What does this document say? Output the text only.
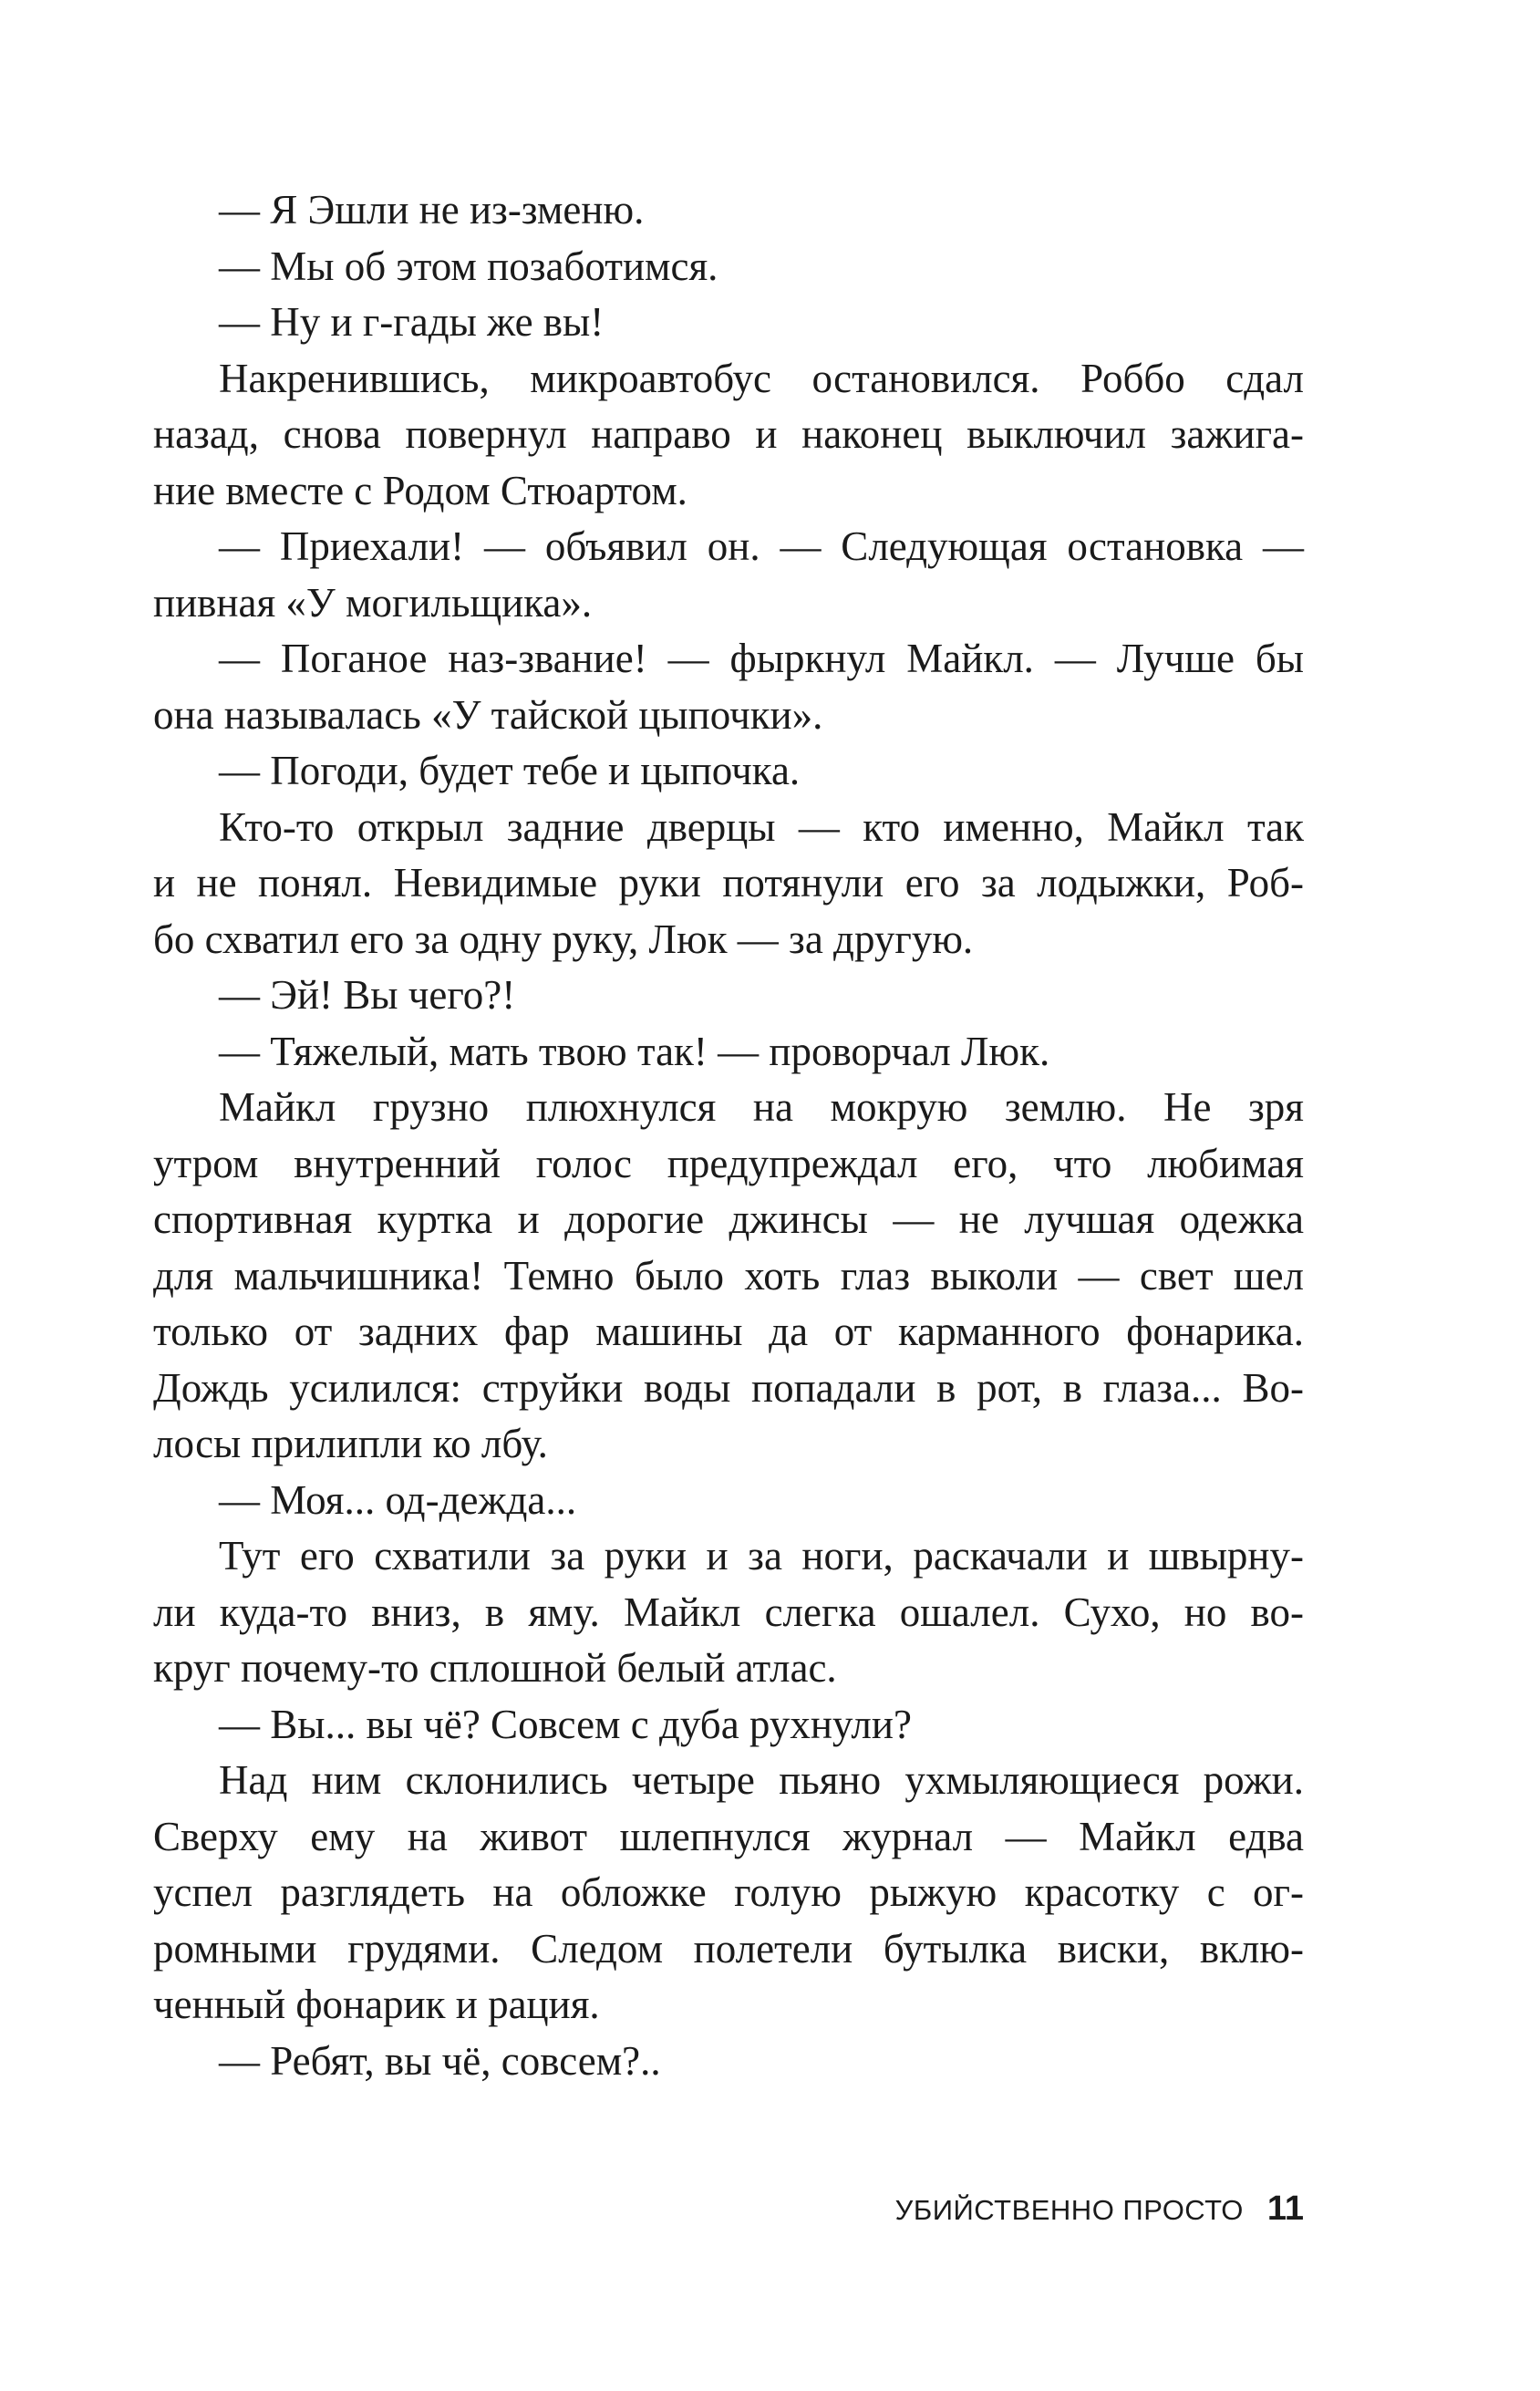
— Я Эшли не из-зменю.
— Мы об этом позаботимся.
— Ну и г-гады же вы!
Накренившись, микроавтобус остановился. Роббо сдал
назад, снова повернул направо и наконец выключил зажига-
ние вместе с Родом Стюартом.
— Приехали! — объявил он. — Следующая остановка —
пивная «У могильщика».
— Поганое наз-звание! — фыркнул Майкл. — Лучше бы
она называлась «У тайской цыпочки».
— Погоди, будет тебе и цыпочка.
Кто-то открыл задние дверцы — кто именно, Майкл так
и не понял. Невидимые руки потянули его за лодыжки, Роб-
бо схватил его за одну руку, Люк — за другую.
— Эй! Вы чего?!
— Тяжелый, мать твою так! — проворчал Люк.
Майкл грузно плюхнулся на мокрую землю. Не зря
утром внутренний голос предупреждал его, что любимая
спортивная куртка и дорогие джинсы — не лучшая одежка
для мальчишника! Темно было хоть глаз выколи — свет шел
только от задних фар машины да от карманного фонарика.
Дождь усилился: струйки воды попадали в рот, в глаза... Во-
лосы прилипли ко лбу.
— Моя... од-дежда...
Тут его схватили за руки и за ноги, раскачали и швырну-
ли куда-то вниз, в яму. Майкл слегка ошалел. Сухо, но во-
круг почему-то сплошной белый атлас.
— Вы... вы чё? Совсем с дуба рухнули?
Над ним склонились четыре пьяно ухмыляющиеся рожи.
Сверху ему на живот шлепнулся журнал — Майкл едва
успел разглядеть на обложке голую рыжую красотку с ог-
ромными грудями. Следом полетели бутылка виски, вклю-
ченный фонарик и рация.
— Ребят, вы чё, совсем?..
УБИЙСТВЕННО ПРОСТО 11
